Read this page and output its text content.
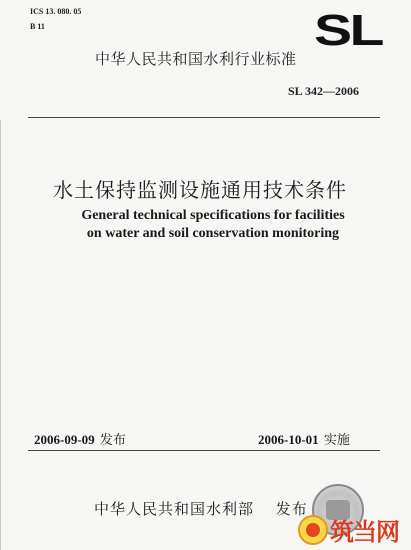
ICS 13. 080. 05
B 11	SL
中华人民共和国水利行业标准
SL 342—2006
水土保持监测设施通用技术条件
General technical specifications for facilities
on water and soil conservation monitoring
2006-09-09 发布	2006-10-01 实施
中华人民共和国水利部 发布
筑当网
